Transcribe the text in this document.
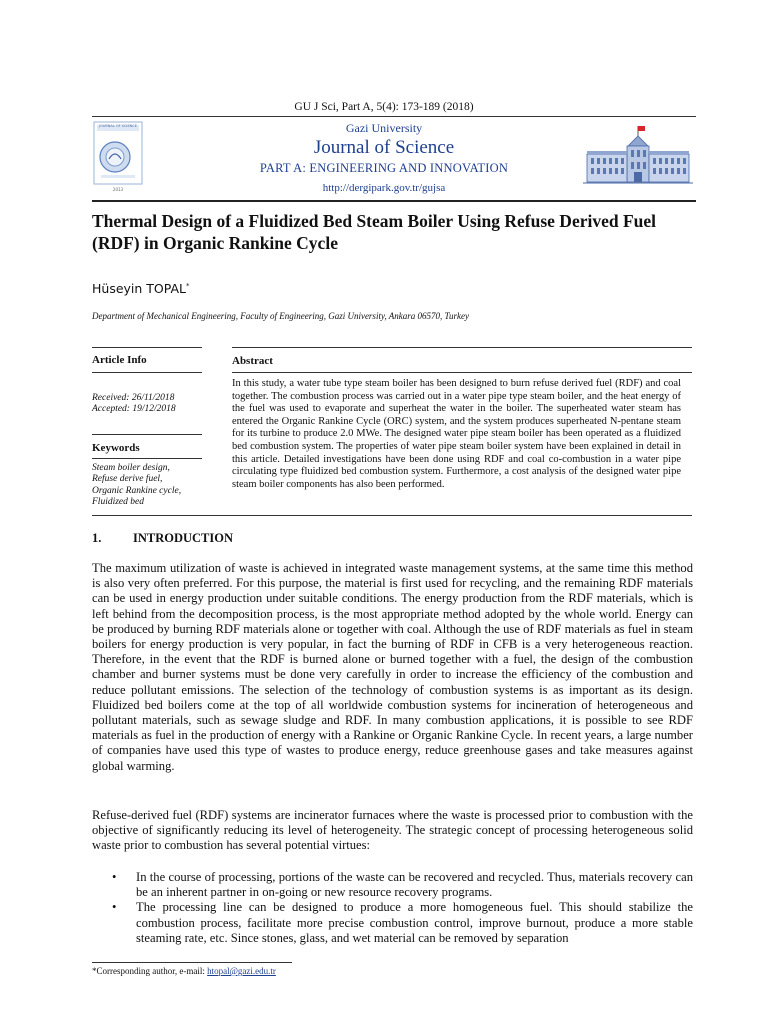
GU J Sci, Part A, 5(4): 173-189 (2018)
JOURNAL OF SCIENCE
2013
Gazi University
Journal of Science
PART A: ENGINEERING AND INNOVATION
http://dergipark.gov.tr/gujsa
Thermal Design of a Fluidized Bed Steam Boiler Using Refuse Derived Fuel (RDF) in Organic Rankine Cycle
Hüseyin TOPAL*
Department of Mechanical Engineering, Faculty of Engineering, Gazi University, Ankara 06570, Turkey
Article Info	Abstract
Received: 26/11/2018
Accepted: 19/12/2018
Keywords
Steam boiler design,
Refuse derive fuel,
Organic Rankine cycle,
Fluidized bed
In this study, a water tube type steam boiler has been designed to burn refuse derived fuel (RDF) and coal together. The combustion process was carried out in a water pipe type steam boiler, and the heat energy of the fuel was used to evaporate and superheat the water in the boiler. The superheated water steam has entered the Organic Rankine Cycle (ORC) system, and the system produces superheated N-pentane steam for its turbine to produce 2.0 MWe. The designed water pipe steam boiler has been operated as a fluidized bed combustion system. The properties of water pipe steam boiler system have been explained in detail in this article. Detailed investigations have been done using RDF and coal co-combustion in a water pipe circulating type fluidized bed combustion system. Furthermore, a cost analysis of the designed water pipe steam boiler components has also been performed.
1.	INTRODUCTION
The maximum utilization of waste is achieved in integrated waste management systems, at the same time this method is also very often preferred. For this purpose, the material is first used for recycling, and the remaining RDF materials can be used in energy production under suitable conditions. The energy production from the RDF materials, which is left behind from the decomposition process, is the most appropriate method adopted by the whole world. Energy can be produced by burning RDF materials alone or together with coal. Although the use of RDF materials as fuel in steam boilers for energy production is very popular, in fact the burning of RDF in CFB is a very heterogeneous reaction. Therefore, in the event that the RDF is burned alone or burned together with a fuel, the design of the combustion chamber and burner systems must be done very carefully in order to increase the efficiency of the combustion and reduce pollutant emissions. The selection of the technology of combustion systems is as important as its design. Fluidized bed boilers come at the top of all worldwide combustion systems for incineration of heterogeneous and pollutant materials, such as sewage sludge and RDF. In many combustion applications, it is possible to see RDF materials as fuel in the production of energy with a Rankine or Organic Rankine Cycle. In recent years, a large number of companies have used this type of wastes to produce energy, reduce greenhouse gases and take measures against global warming.
Refuse-derived fuel (RDF) systems are incinerator furnaces where the waste is processed prior to combustion with the objective of significantly reducing its level of heterogeneity. The strategic concept of processing heterogeneous solid waste prior to combustion has several potential virtues:
• In the course of processing, portions of the waste can be recovered and recycled. Thus, materials recovery can be an inherent partner in on-going or new resource recovery programs.
• The processing line can be designed to produce a more homogeneous fuel. This should stabilize the combustion process, facilitate more precise combustion control, improve burnout, produce a more stable steaming rate, etc. Since stones, glass, and wet material can be removed by separation
*Corresponding author, e-mail: htopal@gazi.edu.tr
